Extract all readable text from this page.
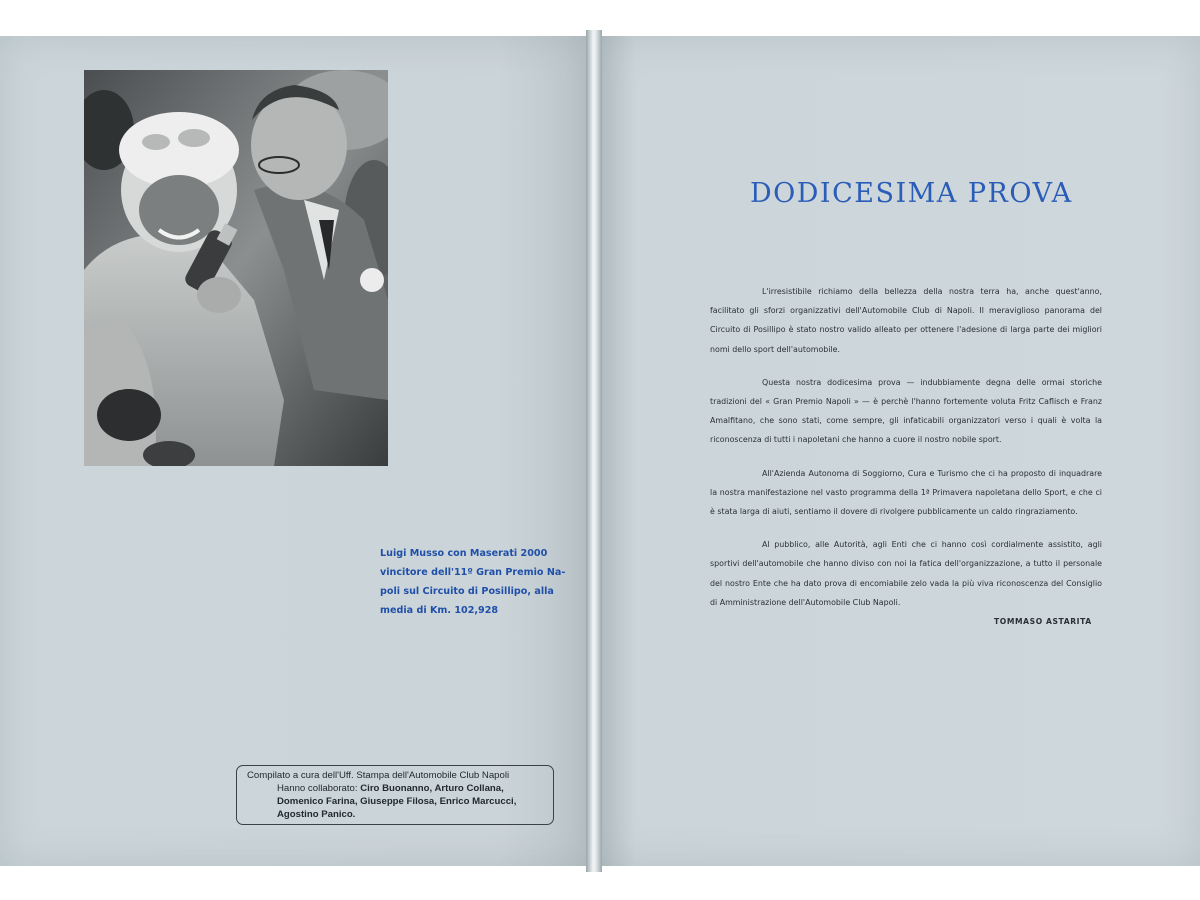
Luigi Musso con Maserati 2000
vincitore dell'11º Gran Premio Na-
poli sul Circuito di Posillipo, alla
media di Km. 102,928
Compilato a cura dell'Uff. Stampa dell'Automobile Club Napoli
Hanno collaborato: Ciro Buonanno, Arturo Collana,
Domenico Farina, Giuseppe Filosa, Enrico Marcucci,
Agostino Panico.
DODICESIMA PROVA

L'irresistibile richiamo della bellezza della nostra terra ha, anche quest'anno, facilitato gli sforzi organizzativi dell'Automobile Club di Napoli. Il meraviglioso panorama del Circuito di Posillipo è stato nostro valido alleato per ottenere l'adesione di larga parte dei migliori nomi dello sport dell'automobile.

Questa nostra dodicesima prova — indubbiamente degna delle ormai storiche tradizioni del « Gran Premio Napoli » — è perchè l'hanno fortemente voluta Fritz Caflisch e Franz Amalfitano, che sono stati, come sempre, gli infaticabili organizzatori verso i quali è volta la riconoscenza di tutti i napoletani che hanno a cuore il nostro nobile sport.

All'Azienda Autonoma di Soggiorno, Cura e Turismo che ci ha proposto di inquadrare la nostra manifestazione nel vasto programma della 1ª Primavera napoletana dello Sport, e che ci è stata larga di aiuti, sentiamo il dovere di rivolgere pubblicamente un caldo ringraziamento.

Al pubblico, alle Autorità, agli Enti che ci hanno così cordialmente assistito, agli sportivi dell'automobile che hanno diviso con noi la fatica dell'organizzazione, a tutto il personale del nostro Ente che ha dato prova di encomiabile zelo vada la più viva riconoscenza del Consiglio di Amministrazione dell'Automobile Club Napoli.

TOMMASO ASTARITA
